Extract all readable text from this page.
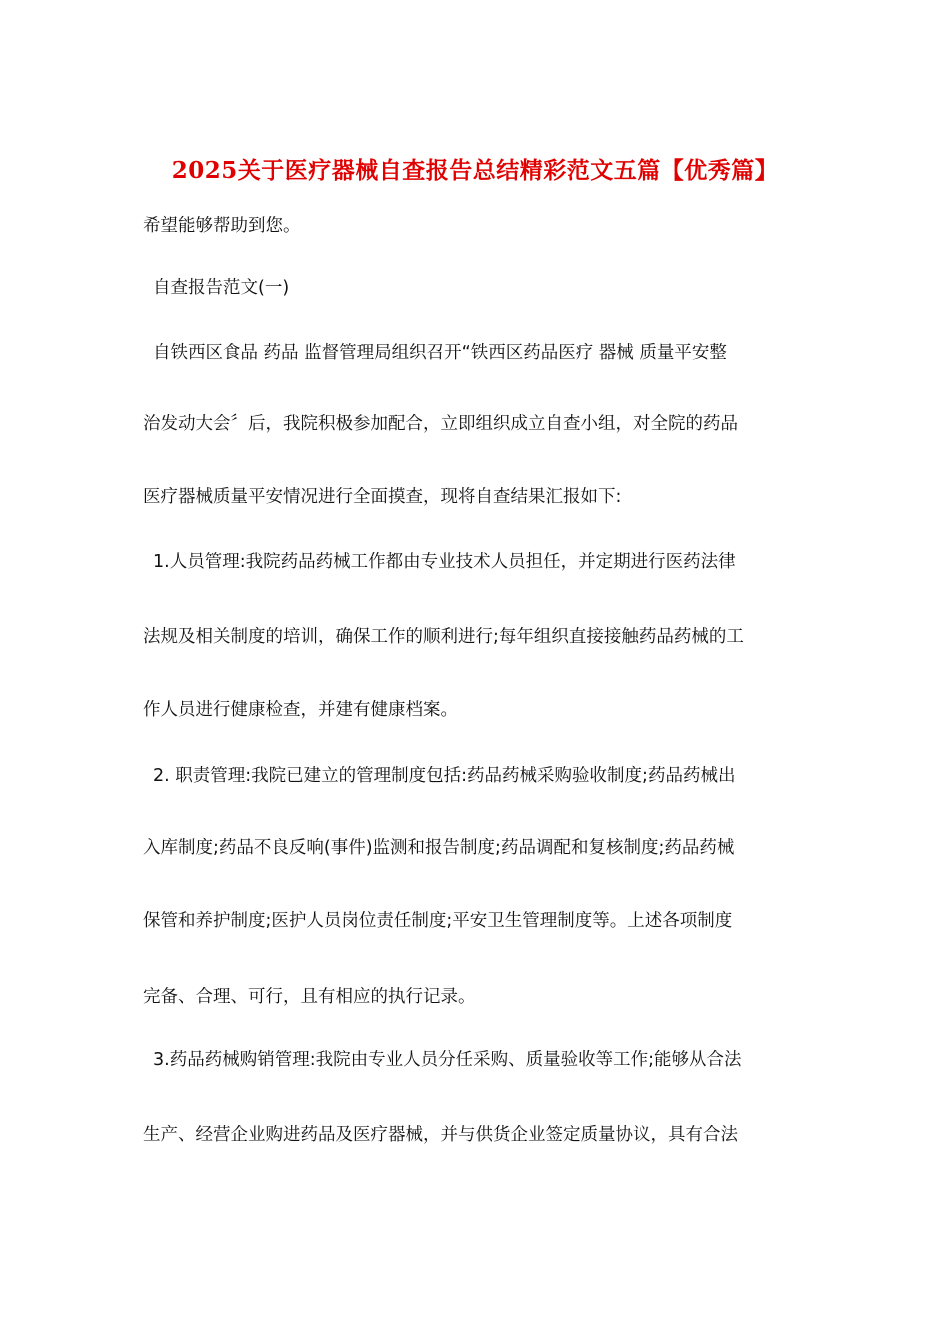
2025关于医疗器械自查报告总结精彩范文五篇【优秀篇】

希望能够帮助到您。

自查报告范文(一)

自铁西区食品 药品 监督管理局组织召开“铁西区药品医疗 器械 质量平安整

治发动大会〞后，我院积极参加配合，立即组织成立自查小组，对全院的药品

医疗器械质量平安情况进行全面摸查，现将自查结果汇报如下:

1.人员管理:我院药品药械工作都由专业技术人员担任，并定期进行医药法律

法规及相关制度的培训，确保工作的顺利进行;每年组织直接接触药品药械的工

作人员进行健康检查，并建有健康档案。

2. 职责管理:我院已建立的管理制度包括:药品药械采购验收制度;药品药械出

入库制度;药品不良反响(事件)监测和报告制度;药品调配和复核制度;药品药械

保管和养护制度;医护人员岗位责任制度;平安卫生管理制度等。上述各项制度

完备、合理、可行，且有相应的执行记录。

3.药品药械购销管理:我院由专业人员分任采购、质量验收等工作;能够从合法

生产、经营企业购进药品及医疗器械，并与供货企业签定质量协议，具有合法
